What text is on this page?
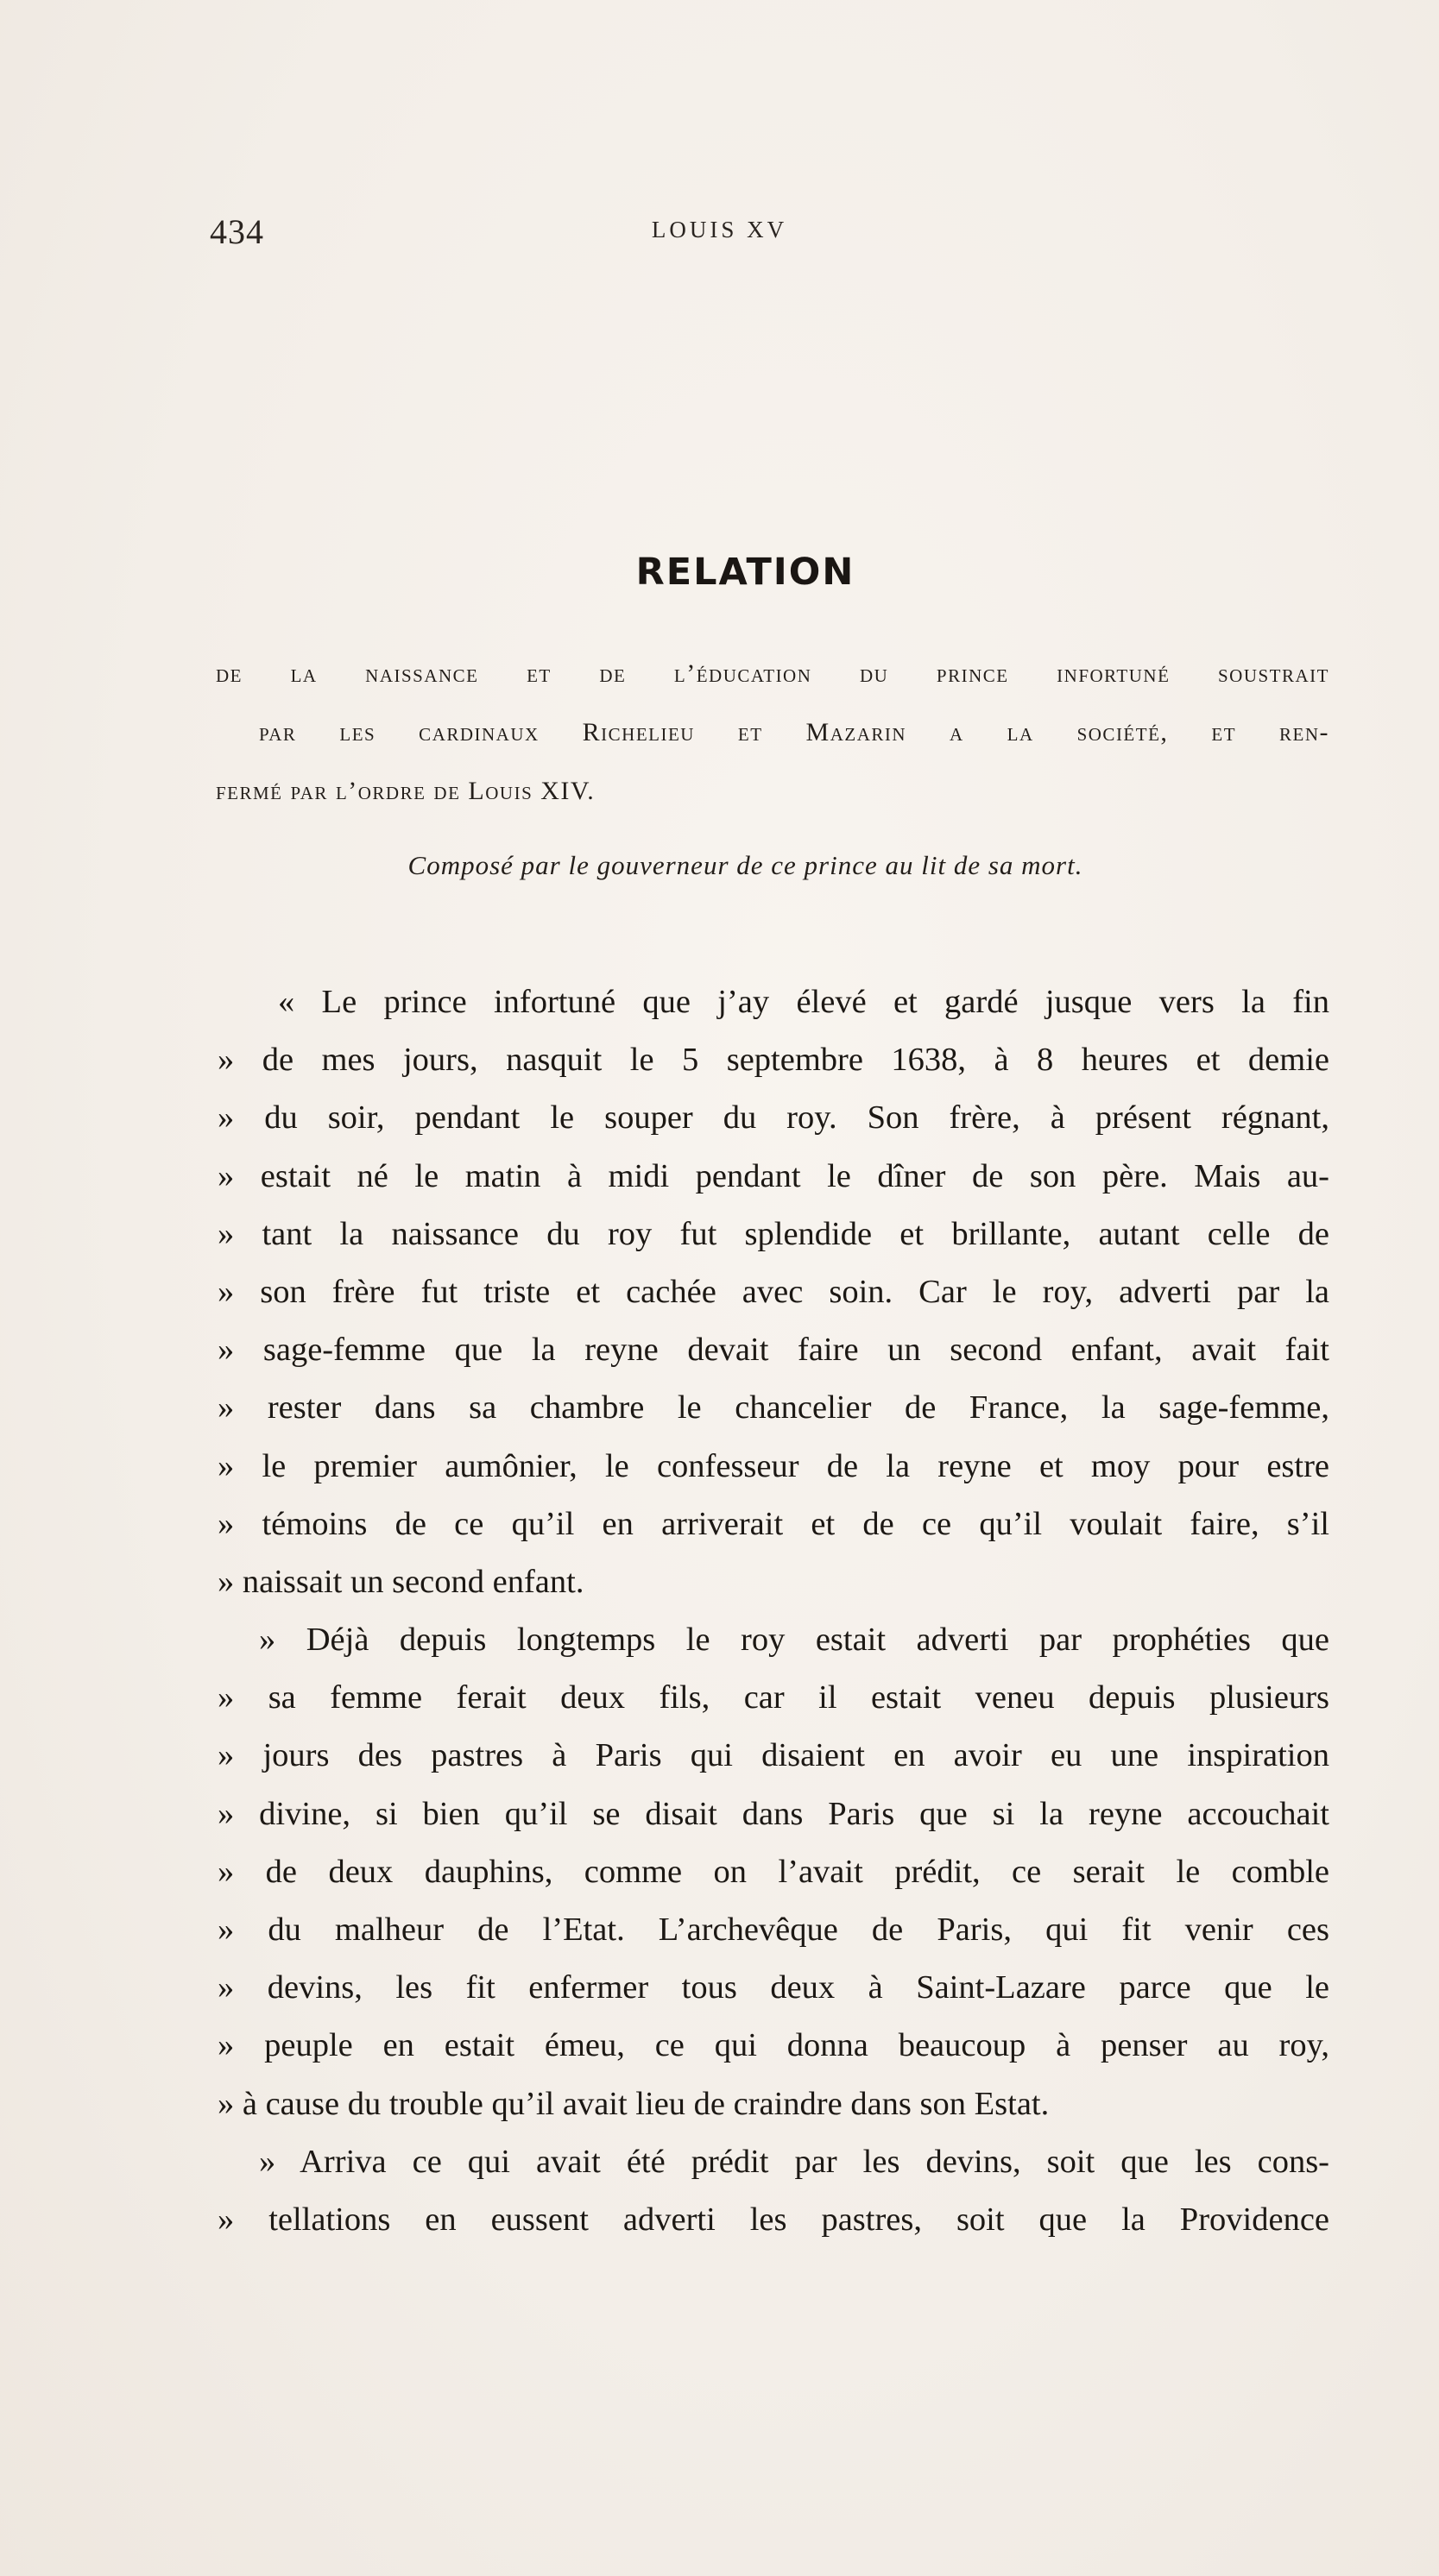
434	LOUIS XV
RELATION
de la naissance et de l’éducation du prince infortuné soustrait
par les cardinaux Richelieu et Mazarin a la société, et ren-
fermé par l’ordre de Louis XIV.
Composé par le gouverneur de ce prince au lit de sa mort.
« Le prince infortuné que j’ay élevé et gardé jusque vers la fin
» de mes jours, nasquit le 5 septembre 1638, à 8 heures et demie
» du soir, pendant le souper du roy. Son frère, à présent régnant,
» estait né le matin à midi pendant le dîner de son père. Mais au-
» tant la naissance du roy fut splendide et brillante, autant celle de
» son frère fut triste et cachée avec soin. Car le roy, adverti par la
» sage-femme que la reyne devait faire un second enfant, avait fait
» rester dans sa chambre le chancelier de France, la sage-femme,
» le premier aumônier, le confesseur de la reyne et moy pour estre
» témoins de ce qu’il en arriverait et de ce qu’il voulait faire, s’il
» naissait un second enfant.
» Déjà depuis longtemps le roy estait adverti par prophéties que
» sa femme ferait deux fils, car il estait veneu depuis plusieurs
» jours des pastres à Paris qui disaient en avoir eu une inspiration
» divine, si bien qu’il se disait dans Paris que si la reyne accouchait
» de deux dauphins, comme on l’avait prédit, ce serait le comble
» du malheur de l’Etat. L’archevêque de Paris, qui fit venir ces
» devins, les fit enfermer tous deux à Saint-Lazare parce que le
» peuple en estait émeu, ce qui donna beaucoup à penser au roy,
» à cause du trouble qu’il avait lieu de craindre dans son Estat.
» Arriva ce qui avait été prédit par les devins, soit que les cons-
» tellations en eussent adverti les pastres, soit que la Providence
